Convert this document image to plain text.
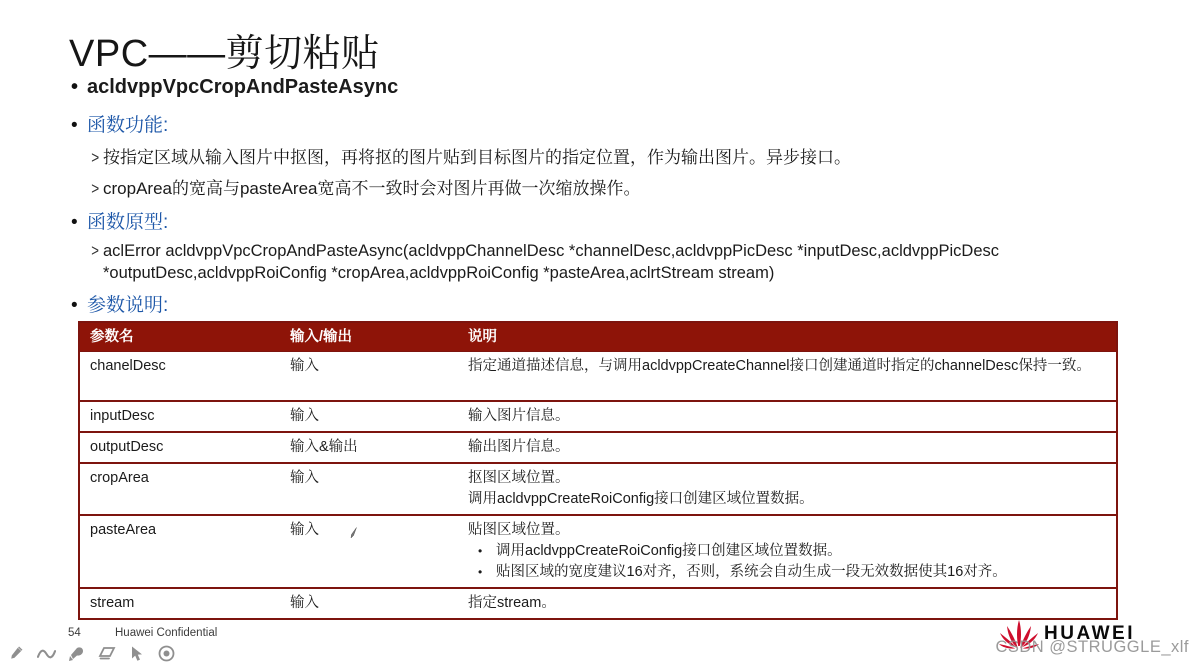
VPC——剪切粘贴
• acldvppVpcCropAndPasteAsync
• 函数功能:
> 按指定区域从输入图片中抠图，再将抠的图片贴到目标图片的指定位置，作为输出图片。异步接口。
> cropArea的宽高与pasteArea宽高不一致时会对图片再做一次缩放操作。
• 函数原型:
> aclError acldvppVpcCropAndPasteAsync(acldvppChannelDesc *channelDesc,acldvppPicDesc *inputDesc,acldvppPicDesc
*outputDesc,acldvppRoiConfig *cropArea,acldvppRoiConfig *pasteArea,aclrtStream stream)
• 参数说明:
参数名	输入/输出	说明
chanelDesc	输入	指定通道描述信息，与调用acldvppCreateChannel接口创建通道时指定的channelDesc保持一致。
inputDesc	输入	输入图片信息。
outputDesc	输入&输出	输出图片信息。
cropArea	输入	抠图区域位置。
调用acldvppCreateRoiConfig接口创建区域位置数据。
pasteArea	输入	贴图区域位置。
• 调用acldvppCreateRoiConfig接口创建区域位置数据。
• 贴图区域的宽度建议16对齐，否则，系统会自动生成一段无效数据使其16对齐。
stream	输入	指定stream。
54	Huawei Confidential	HUAWEI
CSDN @STRUGGLE_xlf
